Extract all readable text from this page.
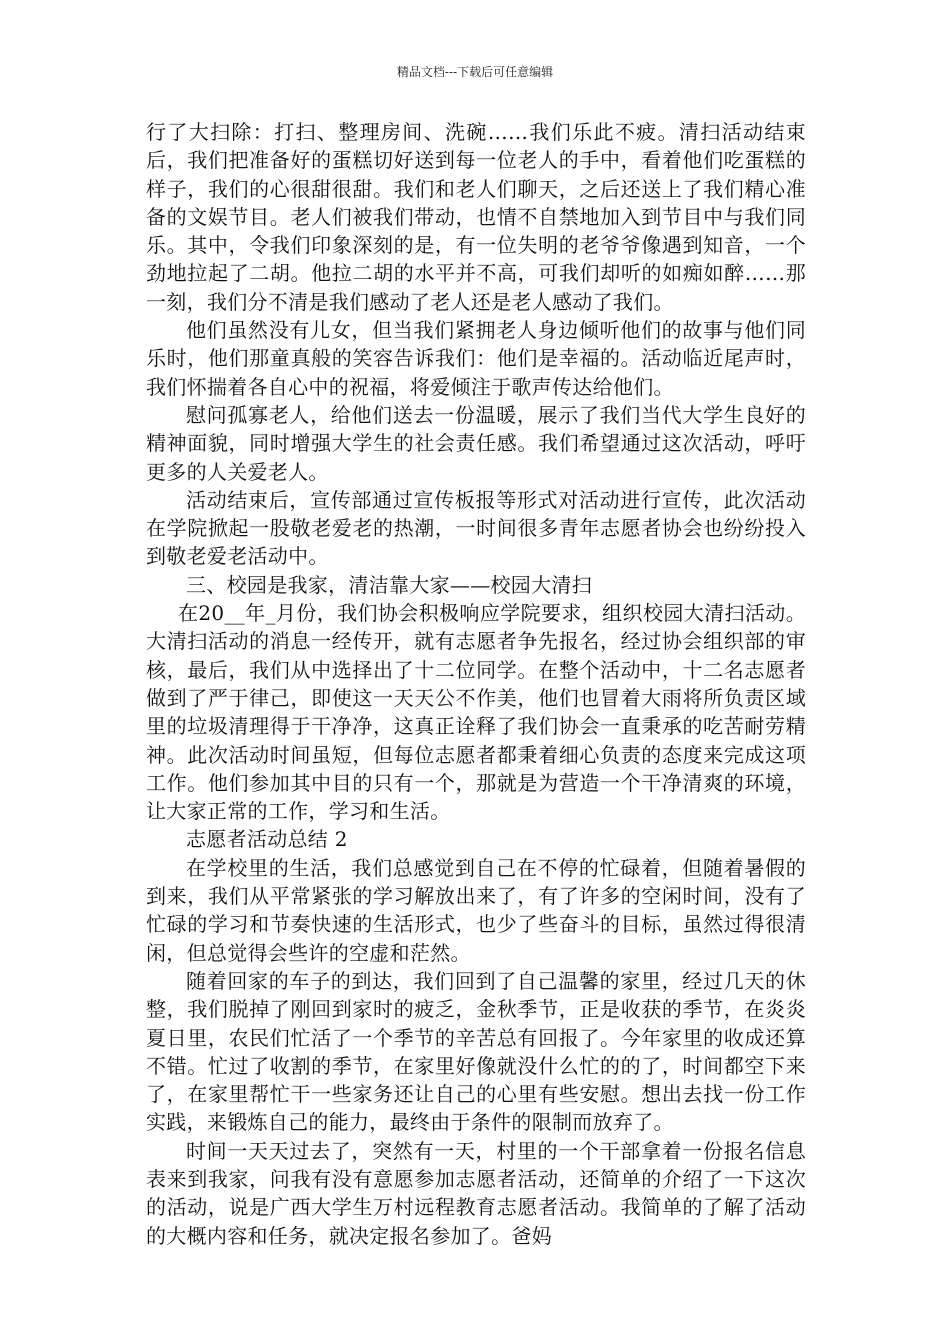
精品文档---下载后可任意编辑

行了大扫除：打扫、整理房间、洗碗……我们乐此不疲。清扫活动结束后，我们把准备好的蛋糕切好送到每一位老人的手中，看着他们吃蛋糕的样子，我们的心很甜很甜。我们和老人们聊天，之后还送上了我们精心准备的文娱节目。老人们被我们带动，也情不自禁地加入到节目中与我们同乐。其中，令我们印象深刻的是，有一位失明的老爷爷像遇到知音，一个劲地拉起了二胡。他拉二胡的水平并不高，可我们却听的如痴如醉……那一刻，我们分不清是我们感动了老人还是老人感动了我们。

他们虽然没有儿女，但当我们紧拥老人身边倾听他们的故事与他们同乐时，他们那童真般的笑容告诉我们：他们是幸福的。活动临近尾声时，我们怀揣着各自心中的祝福，将爱倾注于歌声传达给他们。

慰问孤寡老人，给他们送去一份温暖，展示了我们当代大学生良好的精神面貌，同时增强大学生的社会责任感。我们希望通过这次活动，呼吁更多的人关爱老人。

活动结束后，宣传部通过宣传板报等形式对活动进行宣传，此次活动在学院掀起一股敬老爱老的热潮，一时间很多青年志愿者协会也纷纷投入到敬老爱老活动中。

三、校园是我家，清洁靠大家——校园大清扫

在20__年_月份，我们协会积极响应学院要求，组织校园大清扫活动。大清扫活动的消息一经传开，就有志愿者争先报名，经过协会组织部的审核，最后，我们从中选择出了十二位同学。在整个活动中，十二名志愿者做到了严于律己，即使这一天天公不作美，他们也冒着大雨将所负责区域里的垃圾清理得于干净净，这真正诠释了我们协会一直秉承的吃苦耐劳精神。此次活动时间虽短，但每位志愿者都秉着细心负责的态度来完成这项工作。他们参加其中目的只有一个，那就是为营造一个干净清爽的环境，让大家正常的工作，学习和生活。

志愿者活动总结 2

在学校里的生活，我们总感觉到自己在不停的忙碌着，但随着暑假的到来，我们从平常紧张的学习解放出来了，有了许多的空闲时间，没有了忙碌的学习和节奏快速的生活形式，也少了些奋斗的目标，虽然过得很清闲，但总觉得会些许的空虚和茫然。

随着回家的车子的到达，我们回到了自己温馨的家里，经过几天的休整，我们脱掉了刚回到家时的疲乏，金秋季节，正是收获的季节，在炎炎夏日里，农民们忙活了一个季节的辛苦总有回报了。今年家里的收成还算不错。忙过了收割的季节，在家里好像就没什么忙的的了，时间都空下来了，在家里帮忙干一些家务还让自己的心里有些安慰。想出去找一份工作实践，来锻炼自己的能力，最终由于条件的限制而放弃了。

时间一天天过去了，突然有一天，村里的一个干部拿着一份报名信息表来到我家，问我有没有意愿参加志愿者活动，还简单的介绍了一下这次的活动，说是广西大学生万村远程教育志愿者活动。我简单的了解了活动的大概内容和任务，就决定报名参加了。爸妈
